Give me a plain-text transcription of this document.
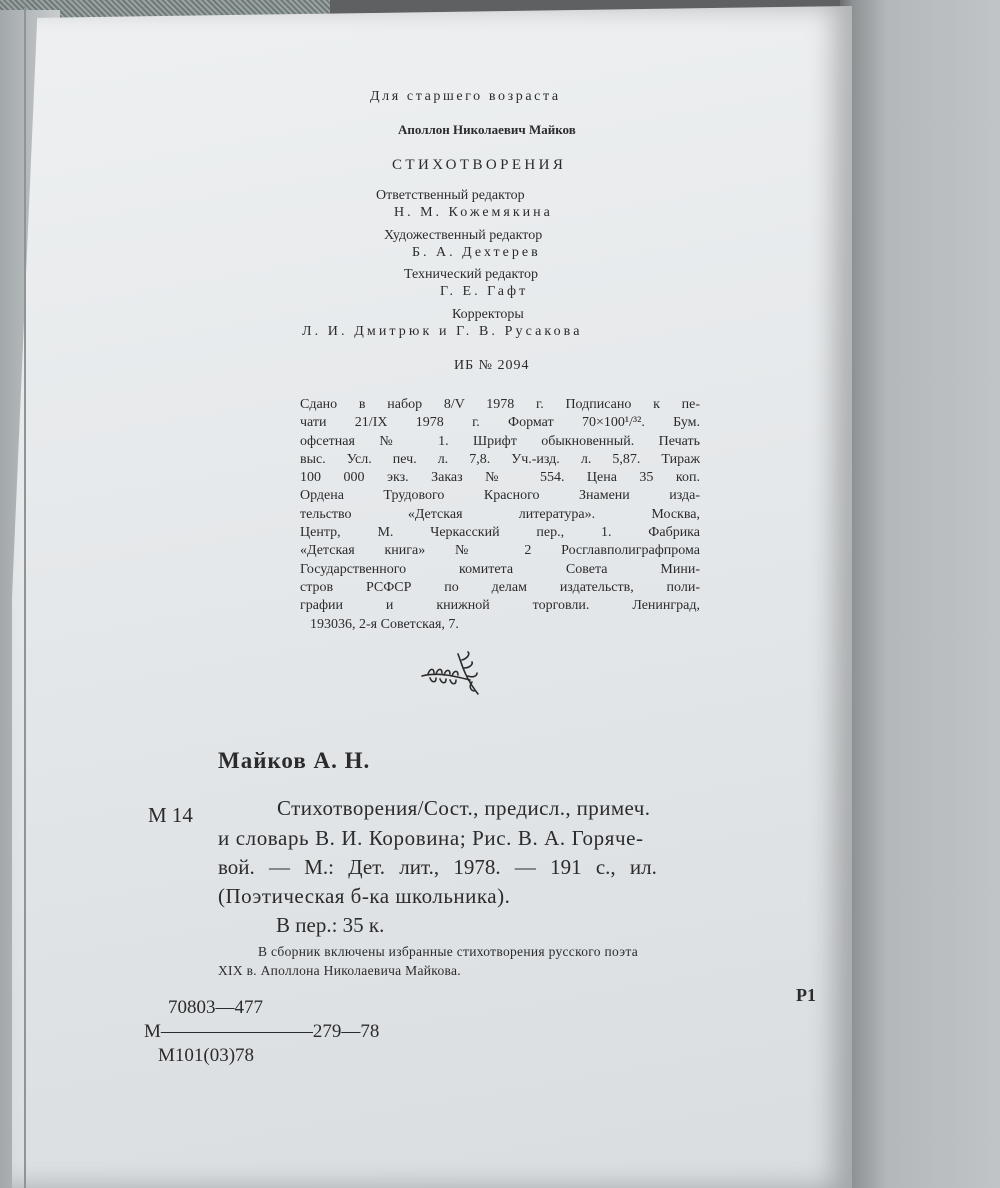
Для старшего возраста

Аполлон Николаевич Майков

СТИХОТВОРЕНИЯ

Ответственный редактор

Н. М. Кожемякина

Художественный редактор

Б. А. Дехтерев

Технический редактор

Г. Е. Гафт

Корректоры

Л. И. Дмитрюк и Г. В. Русакова

ИБ № 2094

Сдано в набор 8/V 1978 г. Подписано к пе-
чати 21/IX 1978 г. Формат 70×100¹/³². Бум.
офсетная № 1. Шрифт обыкновенный. Печать
выс. Усл. печ. л. 7,8. Уч.-изд. л. 5,87. Тираж
100 000 экз. Заказ № 554. Цена 35 коп.
Ордена Трудового Красного Знамени изда-
тельство «Детская литература». Москва,
Центр, М. Черкасский пер., 1. Фабрика
«Детская книга» № 2 Росглавполиграфпрома
Государственного комитета Совета Мини-
стров РСФСР по делам издательств, поли-
графии и книжной торговли. Ленинград,
193036, 2-я Советская, 7.

Майков А. Н.

М 14	Стихотворения/Сост., предисл., примеч.

и словарь В. И. Коровина; Рис. В. А. Горяче-

вой. — М.: Дет. лит., 1978. — 191 с., ил.

(Поэтическая б-ка школьника).

В пер.: 35 к.

В сборник включены избранные стихотворения русского поэта

XIX в. Аполлона Николаевича Майкова.

Р1

70803—477
М————————279—78
М101(03)78
